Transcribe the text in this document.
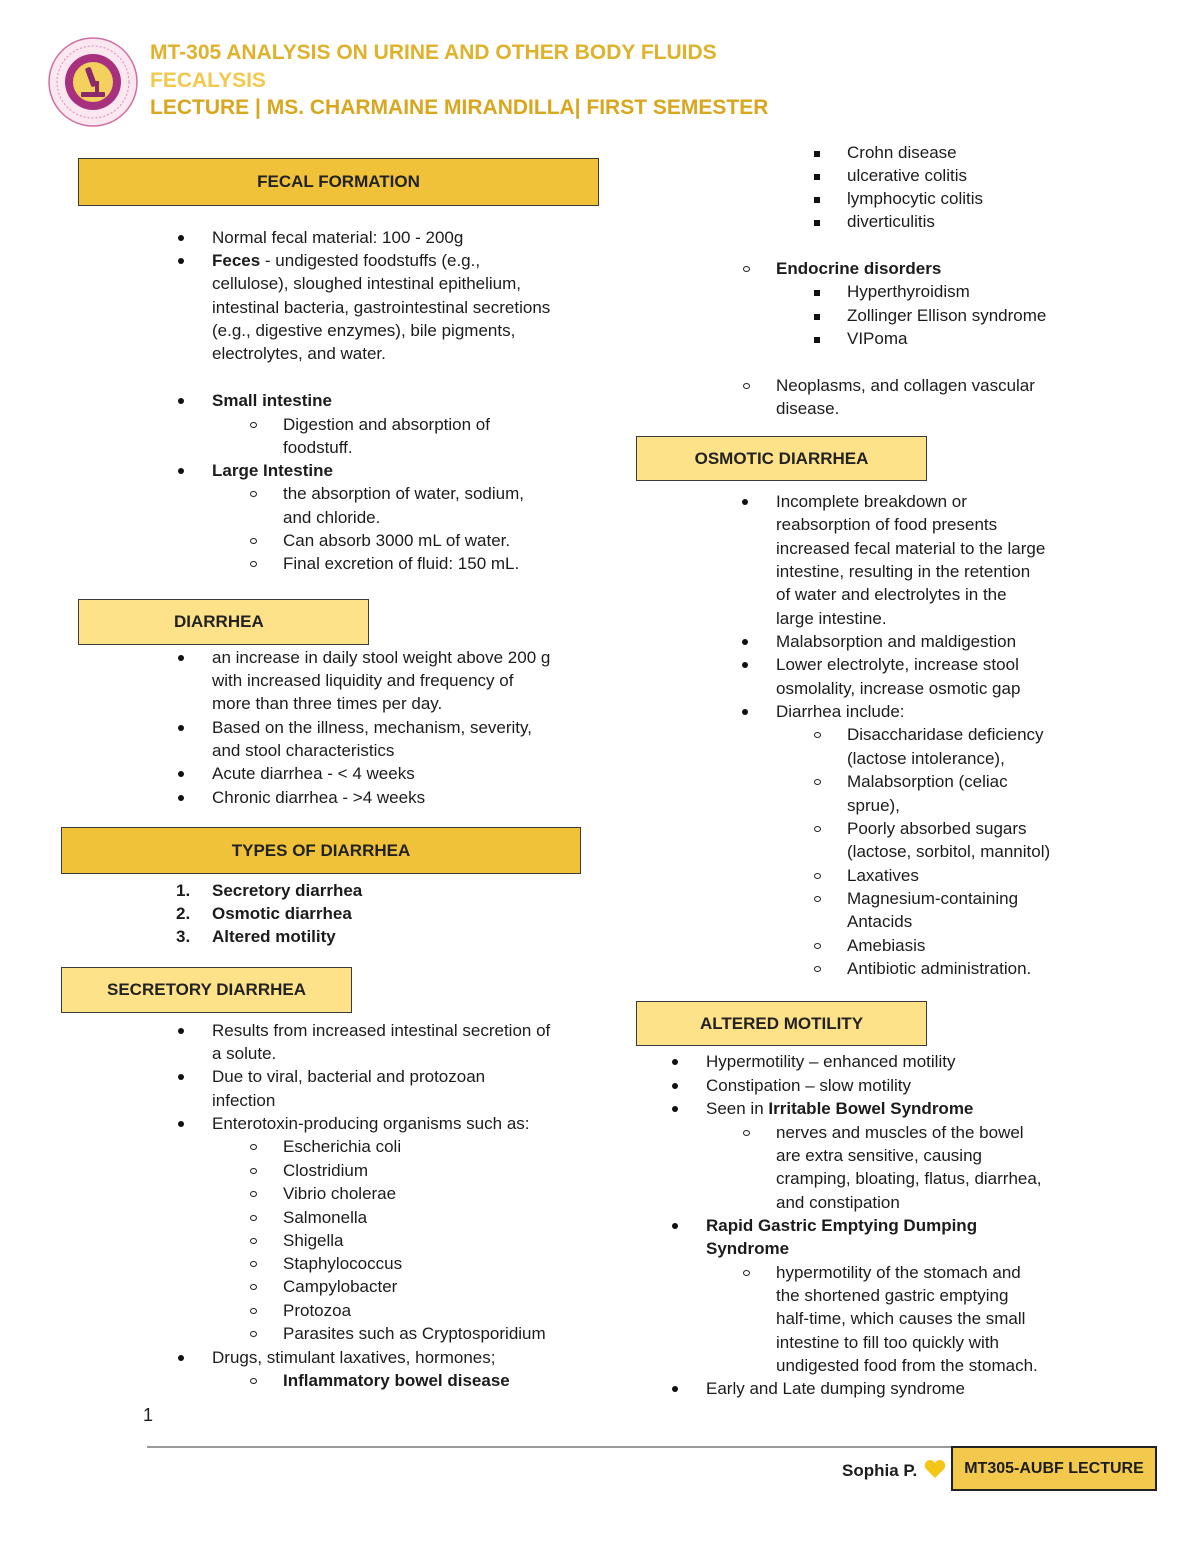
MT-305 ANALYSIS ON URINE AND OTHER BODY FLUIDS
FECALYSIS
LECTURE | MS. CHARMAINE MIRANDILLA| FIRST SEMESTER
FECAL FORMATION
Normal fecal material: 100 - 200g
Feces - undigested foodstuffs (e.g.,
cellulose), sloughed intestinal epithelium,
intestinal bacteria, gastrointestinal secretions
(e.g., digestive enzymes), bile pigments,
electrolytes, and water.
Small intestine
Digestion and absorption of
foodstuff.
Large Intestine
the absorption of water, sodium,
and chloride.
Can absorb 3000 mL of water.
Final excretion of fluid: 150 mL.
DIARRHEA
an increase in daily stool weight above 200 g
with increased liquidity and frequency of
more than three times per day.
Based on the illness, mechanism, severity,
and stool characteristics
Acute diarrhea - < 4 weeks
Chronic diarrhea - >4 weeks
TYPES OF DIARRHEA
1. Secretory diarrhea
2. Osmotic diarrhea
3. Altered motility
SECRETORY DIARRHEA
Results from increased intestinal secretion of
a solute.
Due to viral, bacterial and protozoan
infection
Enterotoxin-producing organisms such as:
Escherichia coli
Clostridium
Vibrio cholerae
Salmonella
Shigella
Staphylococcus
Campylobacter
Protozoa
Parasites such as Cryptosporidium
Drugs, stimulant laxatives, hormones;
Inflammatory bowel disease
Crohn disease
ulcerative colitis
lymphocytic colitis
diverticulitis
Endocrine disorders
Hyperthyroidism
Zollinger Ellison syndrome
VIPoma
Neoplasms, and collagen vascular
disease.
OSMOTIC DIARRHEA
Incomplete breakdown or
reabsorption of food presents
increased fecal material to the large
intestine, resulting in the retention
of water and electrolytes in the
large intestine.
Malabsorption and maldigestion
Lower electrolyte, increase stool
osmolality, increase osmotic gap
Diarrhea include:
Disaccharidase deficiency
(lactose intolerance),
Malabsorption (celiac
sprue),
Poorly absorbed sugars
(lactose, sorbitol, mannitol)
Laxatives
Magnesium-containing
Antacids
Amebiasis
Antibiotic administration.
ALTERED MOTILITY
Hypermotility – enhanced motility
Constipation – slow motility
Seen in Irritable Bowel Syndrome
nerves and muscles of the bowel
are extra sensitive, causing
cramping, bloating, flatus, diarrhea,
and constipation
Rapid Gastric Emptying Dumping
Syndrome
hypermotility of the stomach and
the shortened gastric emptying
half-time, which causes the small
intestine to fill too quickly with
undigested food from the stomach.
Early and Late dumping syndrome
1
Sophia P.	MT305-AUBF LECTURE
